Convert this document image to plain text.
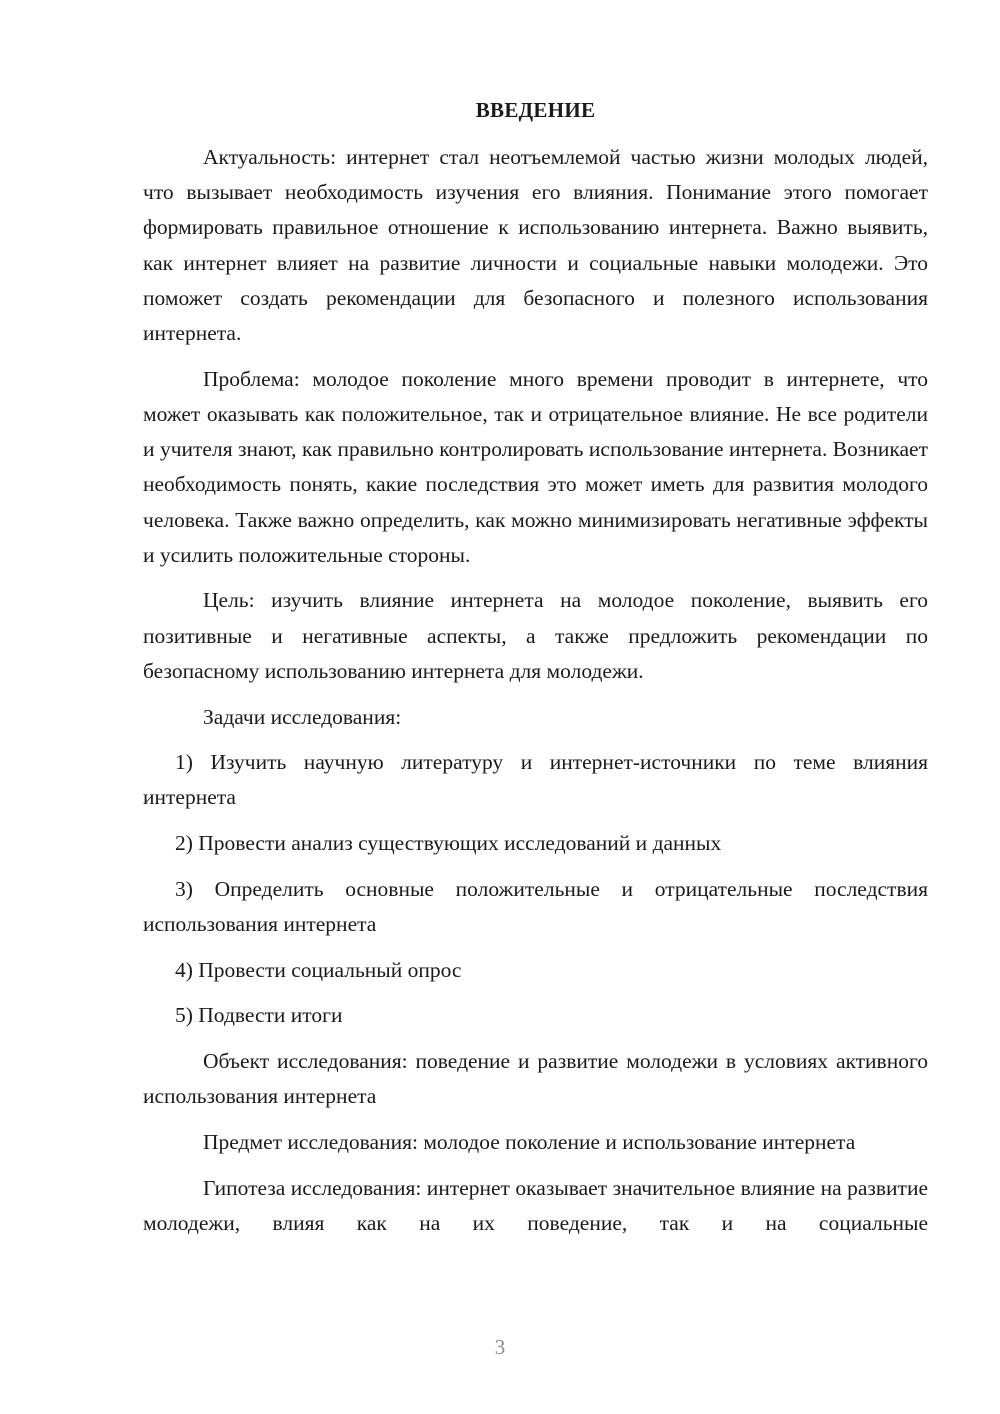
ВВЕДЕНИЕ

Актуальность: интернет стал неотъемлемой частью жизни молодых людей, что вызывает необходимость изучения его влияния. Понимание этого помогает формировать правильное отношение к использованию интернета. Важно выявить, как интернет влияет на развитие личности и социальные навыки молодежи. Это поможет создать рекомендации для безопасного и полезного использования интернета.

Проблема: молодое поколение много времени проводит в интернете, что может оказывать как положительное, так и отрицательное влияние. Не все родители и учителя знают, как правильно контролировать использование интернета. Возникает необходимость понять, какие последствия это может иметь для развития молодого человека. Также важно определить, как можно минимизировать негативные эффекты и усилить положительные стороны.

Цель: изучить влияние интернета на молодое поколение, выявить его позитивные и негативные аспекты, а также предложить рекомендации по безопасному использованию интернета для молодежи.

Задачи исследования:

1) Изучить научную литературу и интернет-источники по теме влияния интернета

2) Провести анализ существующих исследований и данных

3) Определить основные положительные и отрицательные последствия использования интернета

4) Провести социальный опрос

5) Подвести итоги

Объект исследования: поведение и развитие молодежи в условиях активного использования интернета

Предмет исследования: молодое поколение и использование интернета

Гипотеза исследования: интернет оказывает значительное влияние на развитие молодежи, влияя как на их поведение, так и на социальные

3
